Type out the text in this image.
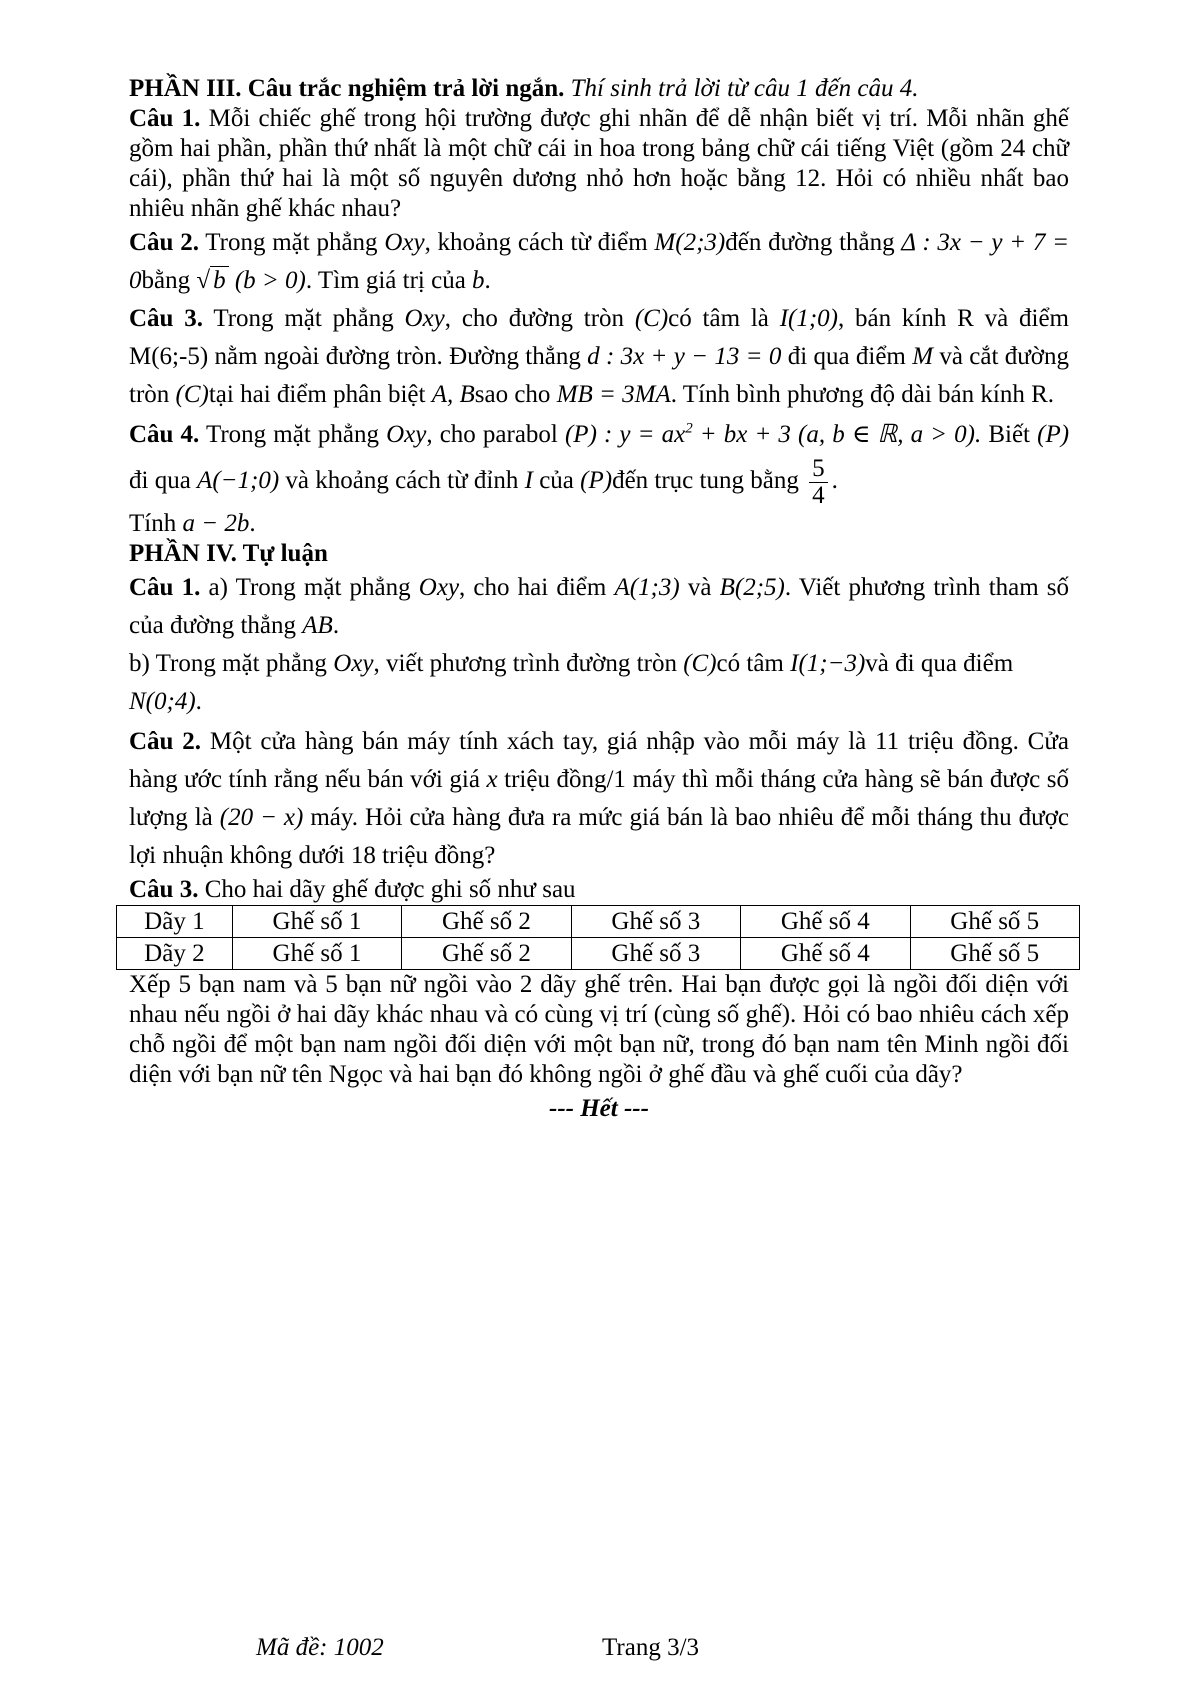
PHẦN III. Câu trắc nghiệm trả lời ngắn. Thí sinh trả lời từ câu 1 đến câu 4.

Câu 1. Mỗi chiếc ghế trong hội trường được ghi nhãn để dễ nhận biết vị trí. Mỗi nhãn ghế gồm hai phần, phần thứ nhất là một chữ cái in hoa trong bảng chữ cái tiếng Việt (gồm 24 chữ cái), phần thứ hai là một số nguyên dương nhỏ hơn hoặc bằng 12. Hỏi có nhiều nhất bao nhiêu nhãn ghế khác nhau?

Câu 2. Trong mặt phẳng Oxy, khoảng cách từ điểm M(2;3)đến đường thẳng Δ : 3x − y + 7 = 0bằng √ b (b > 0). Tìm giá trị của b.

Câu 3. Trong mặt phẳng Oxy, cho đường tròn (C)có tâm là I(1;0), bán kính R và điểm M(6;-5) nằm ngoài đường tròn. Đường thẳng d : 3x + y − 13 = 0 đi qua điểm M và cắt đường tròn (C)tại hai điểm phân biệt A, Bsao cho MB = 3MA. Tính bình phương độ dài bán kính R.

Câu 4. Trong mặt phẳng Oxy, cho parabol (P) : $y = ax^2$ + bx + 3 (a, b ∈ ℝ, a > 0). Biết (P) đi qua A(−1;0) và khoảng cách từ đỉnh I của (P)đến trục tung bằng $\frac{5}{4}$ .

Tính a − 2b.

PHẦN IV. Tự luận

Câu 1. a) Trong mặt phẳng Oxy, cho hai điểm A(1;3) và B(2;5). Viết phương trình tham số của đường thẳng AB.

b) Trong mặt phẳng Oxy, viết phương trình đường tròn (C)có tâm I(1;−3)và đi qua điểm N(0;4).

Câu 2. Một cửa hàng bán máy tính xách tay, giá nhập vào mỗi máy là 11 triệu đồng. Cửa hàng ước tính rằng nếu bán với giá x triệu đồng/1 máy thì mỗi tháng cửa hàng sẽ bán được số lượng là (20 − x) máy. Hỏi cửa hàng đưa ra mức giá bán là bao nhiêu để mỗi tháng thu được lợi nhuận không dưới 18 triệu đồng?

Câu 3. Cho hai dãy ghế được ghi số như sau

Dãy 1	Ghế số 1	Ghế số 2	Ghế số 3	Ghế số 4	Ghế số 5
Dãy 2	Ghế số 1	Ghế số 2	Ghế số 3	Ghế số 4	Ghế số 5

Xếp 5 bạn nam và 5 bạn nữ ngồi vào 2 dãy ghế trên. Hai bạn được gọi là ngồi đối diện với nhau nếu ngồi ở hai dãy khác nhau và có cùng vị trí (cùng số ghế). Hỏi có bao nhiêu cách xếp chỗ ngồi để một bạn nam ngồi đối diện với một bạn nữ, trong đó bạn nam tên Minh ngồi đối diện với bạn nữ tên Ngọc và hai bạn đó không ngồi ở ghế đầu và ghế cuối của dãy?

--- Hết ---

Mã đề: 1002	Trang 3/3
